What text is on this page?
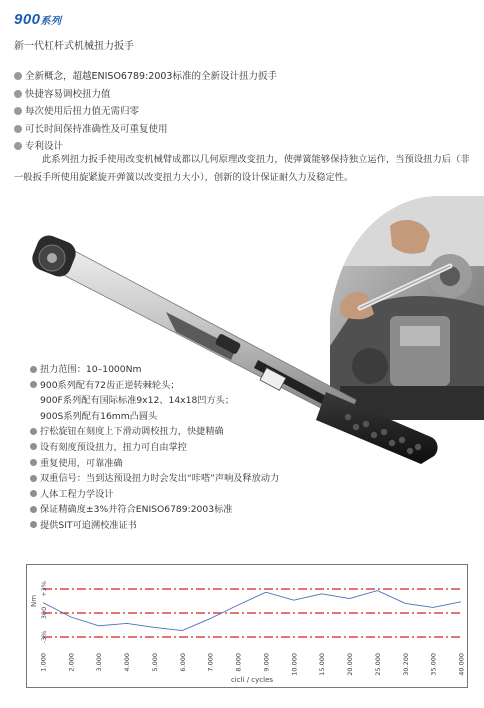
900系列
新一代杠杆式机械扭力扳手
全新概念，超越ENISO6789:2003标准的全新设计扭力扳手
快捷容易调校扭力值
每次使用后扭力值无需归零
可长时间保持准确性及可重复使用
专利设计

此系列扭力扳手使用改变机械臂成都以几何原理改变扭力，使弹簧能够保持独立运作，当预设扭力后（非一般扳手所使用旋紧旋开弹簧以改变扭力大小），创新的设计保证耐久力及稳定性。

扭力范围：10–1000Nm
900系列配有72齿正逆转棘轮头；
900F系列配有国际标准9x12、14x18凹方头；
900S系列配有16mm凸圆头
拧松旋钮在刻度上下滑动调校扭力，快捷精确
设有刻度预设扭力，扭力可自由掌控
重复使用，可靠准确
双重信号：当到达预设扭力时会发出“咔嗒”声响及释放动力
人体工程力学设计
保证精确度±3%并符合ENISO6789:2003标准
提供SIT可追溯校准证书
Nm
+3%
300
-3%
1.000	2.000	3.000	4.000	5.000	6.000	7.000	8.000	9.000	10.000	15.000	20.000	25.000	30.200	35.000	40.000
cicli / cycles
